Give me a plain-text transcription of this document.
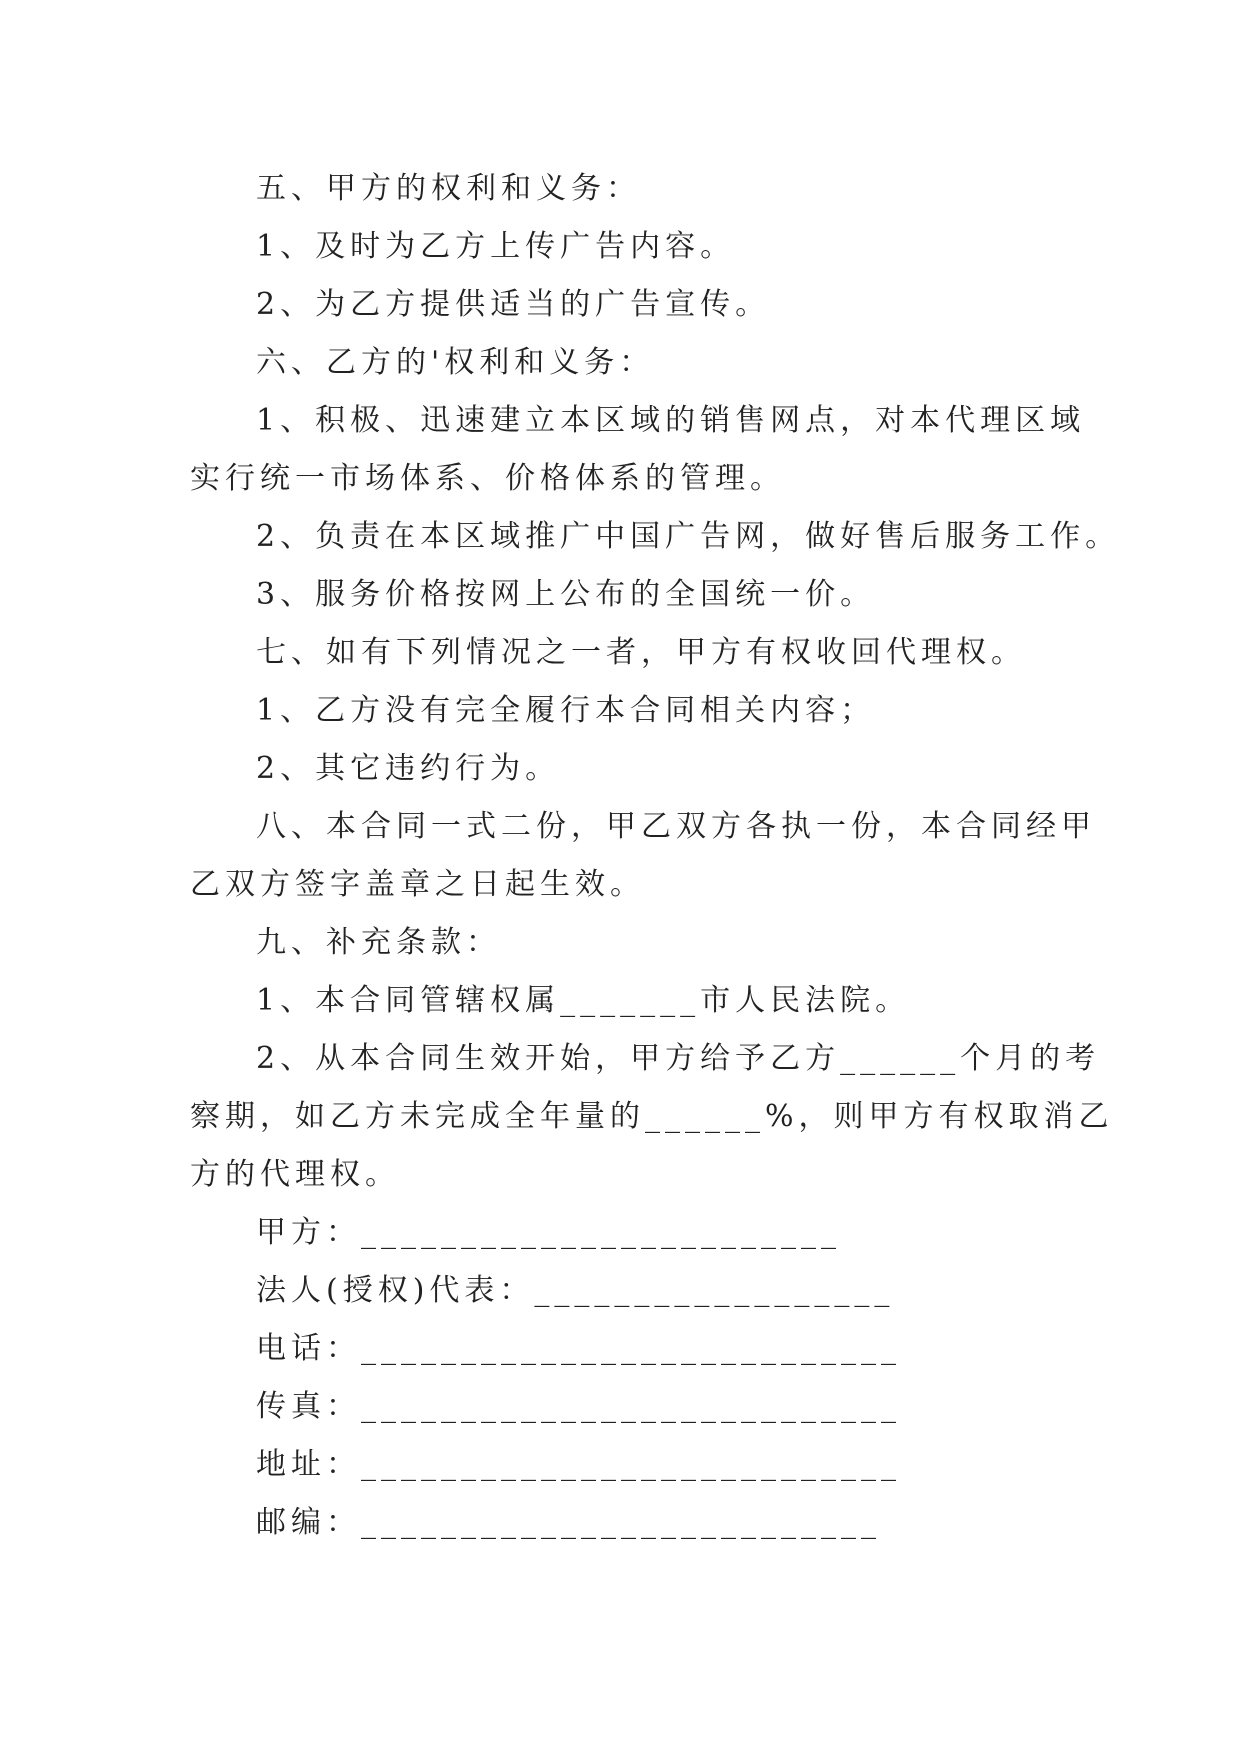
五、甲方的权利和义务：

1、及时为乙方上传广告内容。

2、为乙方提供适当的广告宣传。

六、乙方的'权利和义务：

1、积极、迅速建立本区域的销售网点，对本代理区域

实行统一市场体系、价格体系的管理。

2、负责在本区域推广中国广告网，做好售后服务工作。

3、服务价格按网上公布的全国统一价。

七、如有下列情况之一者，甲方有权收回代理权。

1、乙方没有完全履行本合同相关内容；

2、其它违约行为。

八、本合同一式二份，甲乙双方各执一份，本合同经甲

乙双方签字盖章之日起生效。

九、补充条款：

1、本合同管辖权属_______市人民法院。

2、从本合同生效开始，甲方给予乙方______个月的考

察期，如乙方未完成全年量的______%，则甲方有权取消乙

方的代理权。

甲方：________________________

法人(授权)代表：__________________

电话：___________________________

传真：___________________________

地址：___________________________

邮编：__________________________
